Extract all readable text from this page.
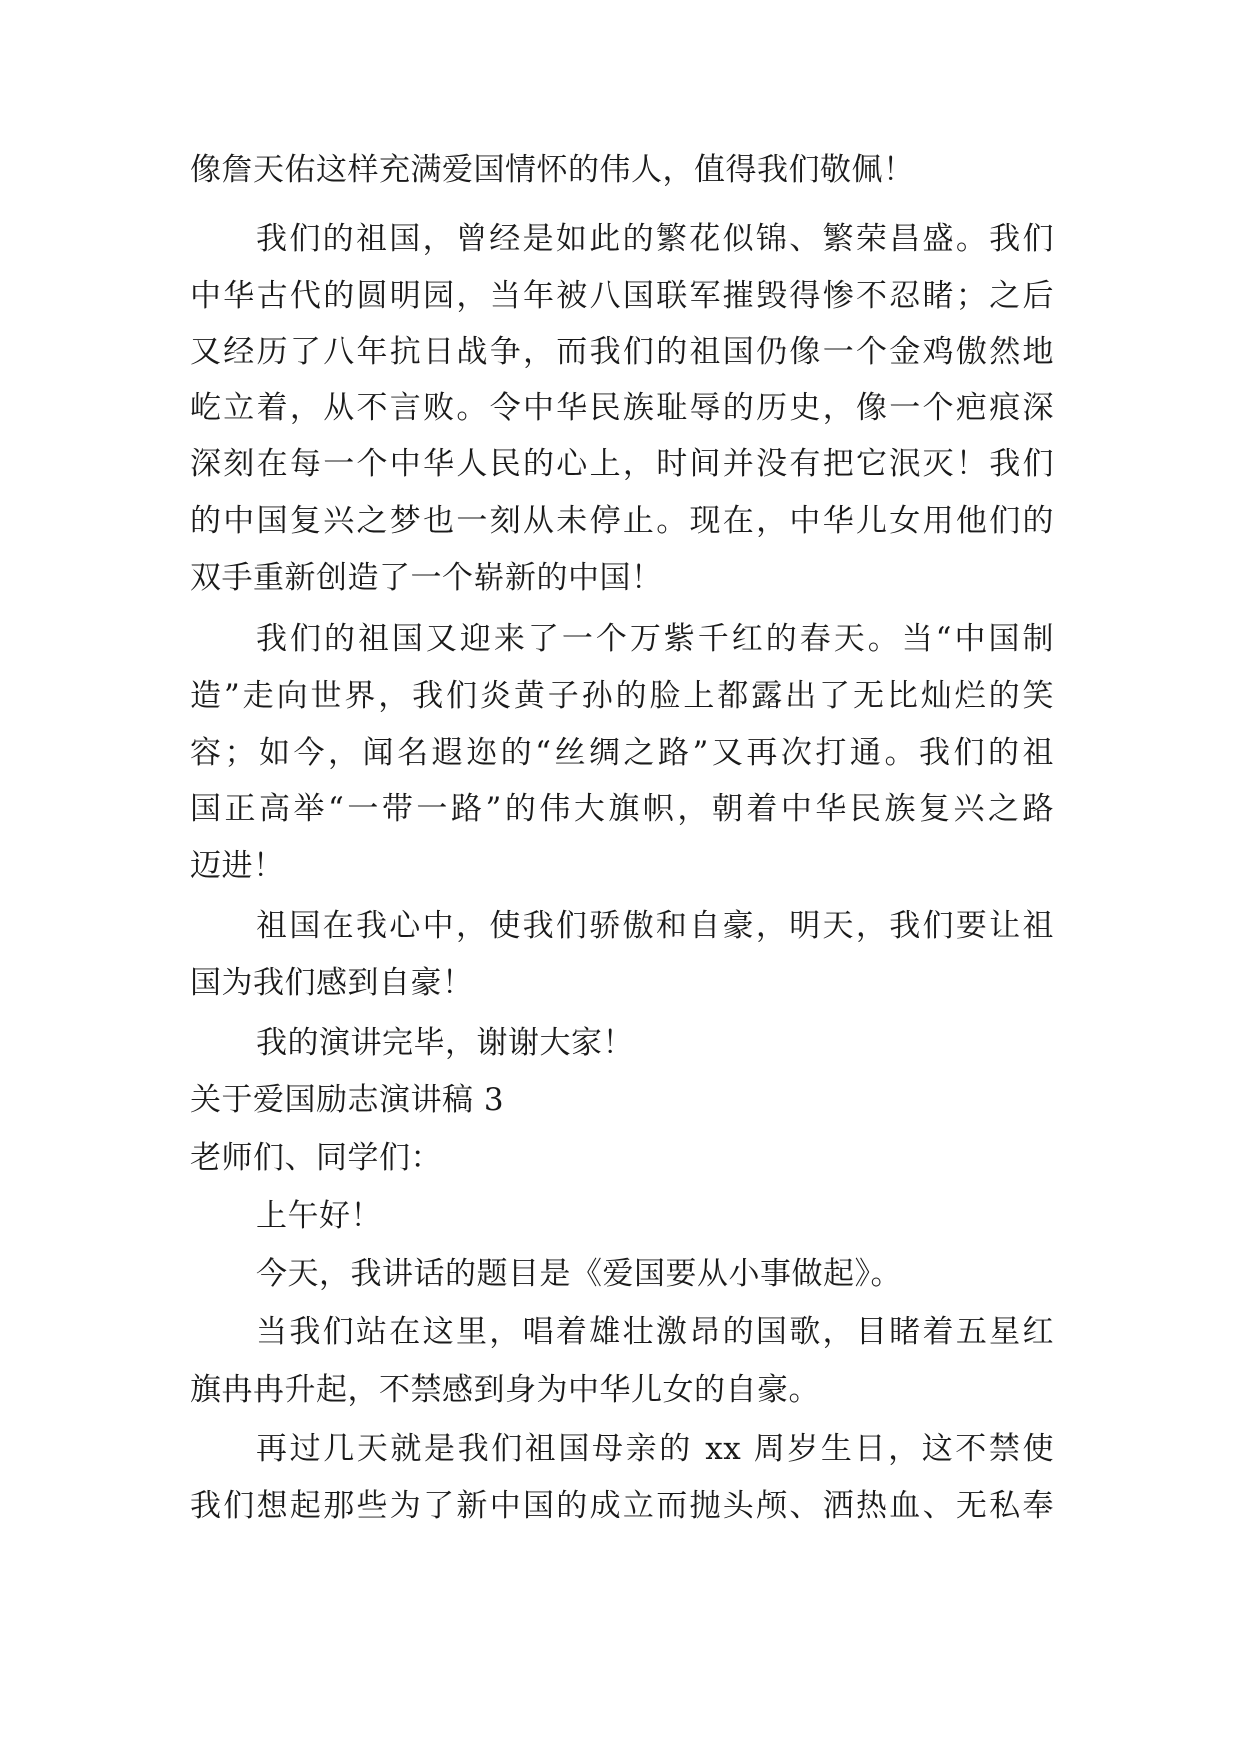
像詹天佑这样充满爱国情怀的伟人，值得我们敬佩！
我们的祖国，曾经是如此的繁花似锦、繁荣昌盛。我们
中华古代的圆明园，当年被八国联军摧毁得惨不忍睹；之后
又经历了八年抗日战争，而我们的祖国仍像一个金鸡傲然地
屹立着，从不言败。令中华民族耻辱的历史，像一个疤痕深
深刻在每一个中华人民的心上，时间并没有把它泯灭！我们
的中国复兴之梦也一刻从未停止。现在，中华儿女用他们的
双手重新创造了一个崭新的中国！
我们的祖国又迎来了一个万紫千红的春天。当“中国制
造”走向世界，我们炎黄子孙的脸上都露出了无比灿烂的笑
容；如今，闻名遐迩的“丝绸之路”又再次打通。我们的祖
国正高举“一带一路”的伟大旗帜，朝着中华民族复兴之路
迈进！
祖国在我心中，使我们骄傲和自豪，明天，我们要让祖
国为我们感到自豪！
我的演讲完毕，谢谢大家！
关于爱国励志演讲稿 3
老师们、同学们：
上午好！
今天，我讲话的题目是《爱国要从小事做起》。
当我们站在这里，唱着雄壮激昂的国歌，目睹着五星红
旗冉冉升起，不禁感到身为中华儿女的自豪。
再过几天就是我们祖国母亲的 xx 周岁生日，这不禁使
我们想起那些为了新中国的成立而抛头颅、洒热血、无私奉
